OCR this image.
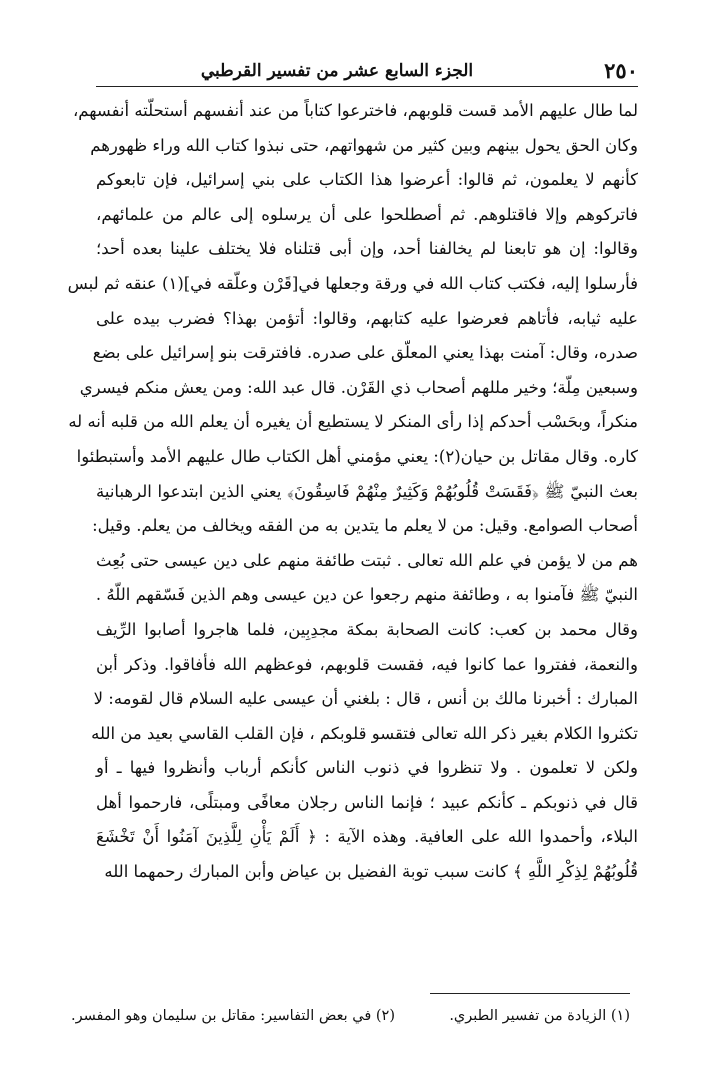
٢٥٠
الجزء السابع عشر من تفسير القرطبي
لما طال عليهم الأمد قست قلوبهم، فاخترعوا كتاباً من عند أنفسهم أستحلّته أنفسهم،
وكان الحق يحول بينهم وبين كثير من شهواتهم، حتى نبذوا كتاب الله وراء ظهورهم
كأنهم لا يعلمون، ثم قالوا: أعرضوا هذا الكتاب على بني إسرائيل، فإن تابعوكم
فاتركوهم وإلا فاقتلوهم. ثم أصطلحوا على أن يرسلوه إلى عالم من علمائهم،
وقالوا: إن هو تابعنا لم يخالفنا أحد، وإن أبى قتلناه فلا يختلف علينا بعده أحد؛
فأرسلوا إليه، فكتب كتاب الله في ورقة وجعلها في[قَرْن وعلّقه في](١) عنقه ثم لبس
عليه ثيابه، فأتاهم فعرضوا عليه كتابهم، وقالوا: أتؤمن بهذا؟ فضرب بيده على
صدره، وقال: آمنت بهذا يعني المعلّق على صدره. فافترقت بنو إسرائيل على بضع
وسبعين مِلّة؛ وخير مللهم أصحاب ذي القَرْن. قال عبد الله: ومن يعش منكم فيسري
منكراً، وبحَسْب أحدكم إذا رأى المنكر لا يستطيع أن يغيره أن يعلم الله من قلبه أنه له
كاره. وقال مقاتل بن حيان(٢): يعني مؤمني أهل الكتاب طال عليهم الأمد وأستبطئوا
بعث النبيّ ﷺ ﴿فَقَسَتْ قُلُوبُهُمْ وَكَثِيرٌ مِنْهُمْ فَاسِقُونَ﴾ يعني الذين ابتدعوا الرهبانية
أصحاب الصوامع. وقيل: من لا يعلم ما يتدين به من الفقه ويخالف من يعلم. وقيل:
هم من لا يؤمن في علم الله تعالى . ثبتت طائفة منهم على دين عيسى حتى بُعِث
النبيّ ﷺ فآمنوا به ، وطائفة منهم رجعوا عن دين عيسى وهم الذين فَسّقهم اللّهُ .
وقال محمد بن كعب: كانت الصحابة بمكة مجدِبِين، فلما هاجروا أصابوا الرِّيف
والنعمة، ففتروا عما كانوا فيه، فقست قلوبهم، فوعظهم الله فأفاقوا. وذكر أبن
المبارك : أخبرنا مالك بن أنس ، قال : بلغني أن عيسى عليه السلام قال لقومه: لا
تكثروا الكلام بغير ذكر الله تعالى فتقسو قلوبكم ، فإن القلب القاسي بعيد من الله
ولكن لا تعلمون . ولا تنظروا في ذنوب الناس كأنكم أرباب وأنظروا فيها ـ أو
قال في ذنوبكم ـ كأنكم عبيد ؛ فإنما الناس رجلان معافًى ومبتلًى، فارحموا أهل
البلاء، وأحمدوا الله على العافية. وهذه الآية : ﴿ أَلَمْ يَأْنِ لِلَّذِينَ آمَنُوا أَنْ تَخْشَعَ
قُلُوبُهُمْ لِذِكْرِ اللَّهِ ﴾ كانت سبب توبة الفضيل بن عياض وأبن المبارك رحمهما الله
(١) الزيادة من تفسير الطبري.
(٢) في بعض التفاسير: مقاتل بن سليمان وهو المفسر.
